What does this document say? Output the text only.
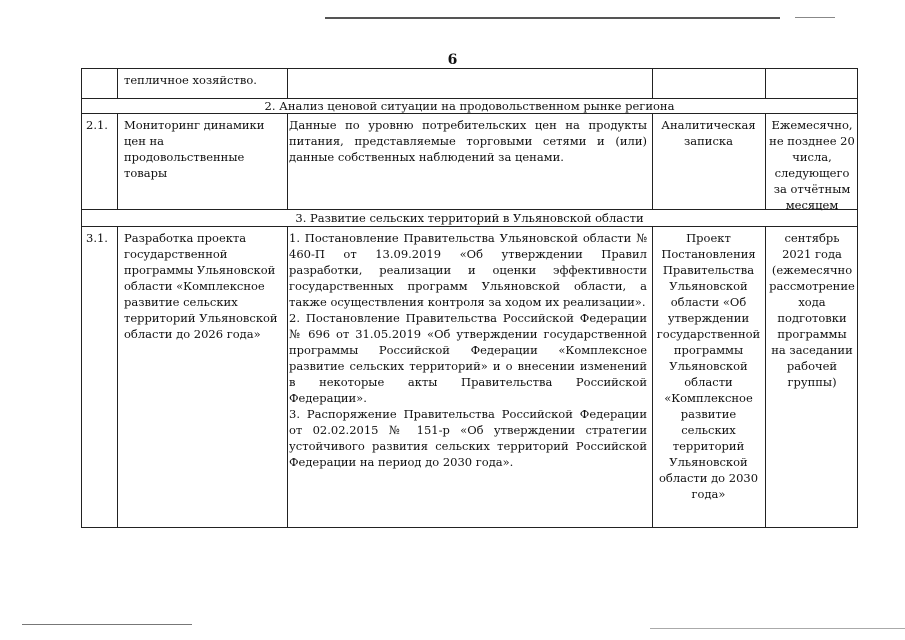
6
тепличное хозяйство.
2. Анализ ценовой ситуации на продовольственном рынке региона
2.1.	Мониторинг динамики цен на продовольственные товары
Данные по уровню потребительских цен на продукты питания, представляемые торговыми сетями и (или) данные собственных наблюдений за ценами.
Аналитическая записка
Ежемесячно, не позднее 20 числа, следующего за отчётным месяцем
3. Развитие сельских территорий в Ульяновской области
3.1.	Разработка проекта государственной программы Ульяновской области «Комплексное развитие сельских территорий Ульяновской области до 2026 года»

1. Постановление Правительства Ульяновской области № 460-П от 13.09.2019 «Об утверждении Правил разработки, реализации и оценки эффективности государственных программ Ульяновской области, а также осуществления контроля за ходом их реализации».

2. Постановление Правительства Российской Федерации № 696 от 31.05.2019 «Об утверждении государственной программы Российской Федерации «Комплексное развитие сельских территорий» и о внесении изменений в некоторые акты Правительства Российской Федерации».

3. Распоряжение Правительства Российской Федерации от 02.02.2015 № 151-р «Об утверждении стратегии устойчивого развития сельских территорий Российской Федерации на период до 2030 года».

Проект Постановления Правительства Ульяновской области «Об утверждении государственной программы Ульяновской области «Комплексное развитие сельских территорий Ульяновской области до 2030 года»
сентябрь 2021 года (ежемесячно рассмотрение хода подготовки программы на заседании рабочей группы)
